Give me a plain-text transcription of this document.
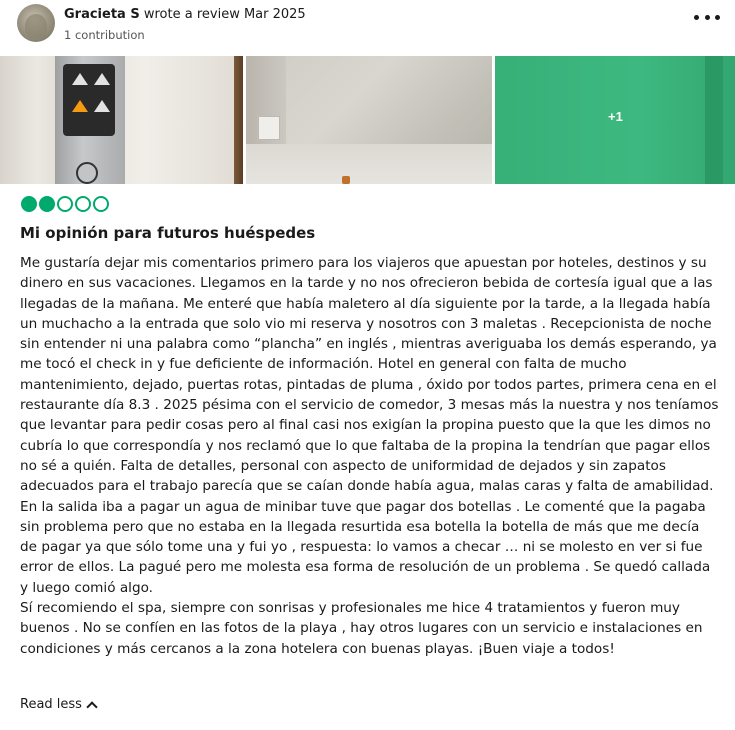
Gracieta S wrote a review Mar 2025
1 contribution
+1
Mi opinión para futuros huéspedes

Me gustaría dejar mis comentarios primero para los viajeros que apuestan por hoteles, destinos y su dinero en sus vacaciones. Llegamos en la tarde y no nos ofrecieron bebida de cortesía igual que a las llegadas de la mañana. Me enteré que había maletero al día siguiente por la tarde, a la llegada había un muchacho a la entrada que solo vio mi reserva y nosotros con 3 maletas . Recepcionista de noche sin entender ni una palabra como “plancha” en inglés , mientras averiguaba los demás esperando, ya me tocó el check in y fue deficiente de información. Hotel en general con falta de mucho mantenimiento, dejado, puertas rotas, pintadas de pluma , óxido por todos partes, primera cena en el restaurante día 8.3 . 2025 pésima con el servicio de comedor, 3 mesas más la nuestra y nos teníamos que levantar para pedir cosas pero al final casi nos exigían la propina puesto que la que les dimos no cubría lo que correspondía y nos reclamó que lo que faltaba de la propina la tendrían que pagar ellos no sé a quién. Falta de detalles, personal con aspecto de uniformidad de dejados y sin zapatos adecuados para el trabajo parecía que se caían donde había agua, malas caras y falta de amabilidad. En la salida iba a pagar un agua de minibar tuve que pagar dos botellas . Le comenté que la pagaba sin problema pero que no estaba en la llegada resurtida esa botella la botella de más que me decía de pagar ya que sólo tome una y fui yo , respuesta: lo vamos a checar … ni se molesto en ver si fue error de ellos. La pagué pero me molesta esa forma de resolución de un problema . Se quedó callada y luego comió algo.

Sí recomiendo el spa, siempre con sonrisas y profesionales me hice 4 tratamientos y fueron muy buenos . No se confíen en las fotos de la playa , hay otros lugares con un servicio e instalaciones en condiciones y más cercanos a la zona hotelera con buenas playas. ¡Buen viaje a todos!

Read less
